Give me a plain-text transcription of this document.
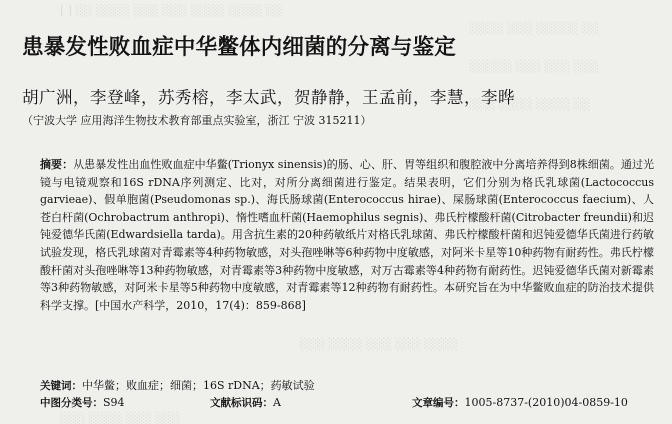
[ ] ░░ ░░░░ ░░░ ░░░ ░░░░ ░░░░ ░░
░░░░ ░░░ ░░░░░ ░░
░░░░░ ░░░ ░░░ ░░░
░░░ ░░░░ ░░░░ ░░
░░░ ░░░░ ░░░ ░░░ ░░░░
░░░ ░░░░ ░░░ ░░░
患暴发性败血症中华鳖体内细菌的分离与鉴定
胡广洲，李登峰，苏秀榕，李太武，贺静静，王孟前，李慧，李晔
（宁波大学 应用海洋生物技术教育部重点实验室，浙江 宁波 315211）
摘要：从患暴发性出血性败血症中华鳖(Trionyx sinensis)的肠、心、肝、胃等组织和腹腔液中分离培养得到8株细菌。通过光镜与电镜观察和16S rDNA序列测定、比对，对所分离细菌进行鉴定。结果表明，它们分别为格氏乳球菌(Lactococcus garvieae)、假单胞菌(Pseudomonas sp.)、海氏肠球菌(Enterococcus hirae)、屎肠球菌(Enterococcus faecium)、人苍白杆菌(Ochrobactrum anthropi)、惰性嗜血杆菌(Haemophilus segnis)、弗氏柠檬酸杆菌(Citrobacter freundii)和迟钝爱德华氏菌(Edwardsiella tarda)。用含抗生素的20种药敏纸片对格氏乳球菌、弗氏柠檬酸杆菌和迟钝爱德华氏菌进行药敏试验发现，格氏乳球菌对青霉素等4种药物敏感，对头孢唑啉等6种药物中度敏感，对阿米卡星等10种药物有耐药性。弗氏柠檬酸杆菌对头孢唑啉等13种药物敏感，对青霉素等3种药物中度敏感，对万古霉素等4种药物有耐药性。迟钝爱德华氏菌对新霉素等3种药物敏感，对阿米卡星等5种药物中度敏感，对青霉素等12种药物有耐药性。本研究旨在为中华鳖败血症的防治技术提供科学支撑。[中国水产科学，2010，17(4)：859-868]
关键词：中华鳖；败血症；细菌；16S rDNA；药敏试验
中图分类号：S94	文献标识码：A	文章编号：1005-8737-(2010)04-0859-10
